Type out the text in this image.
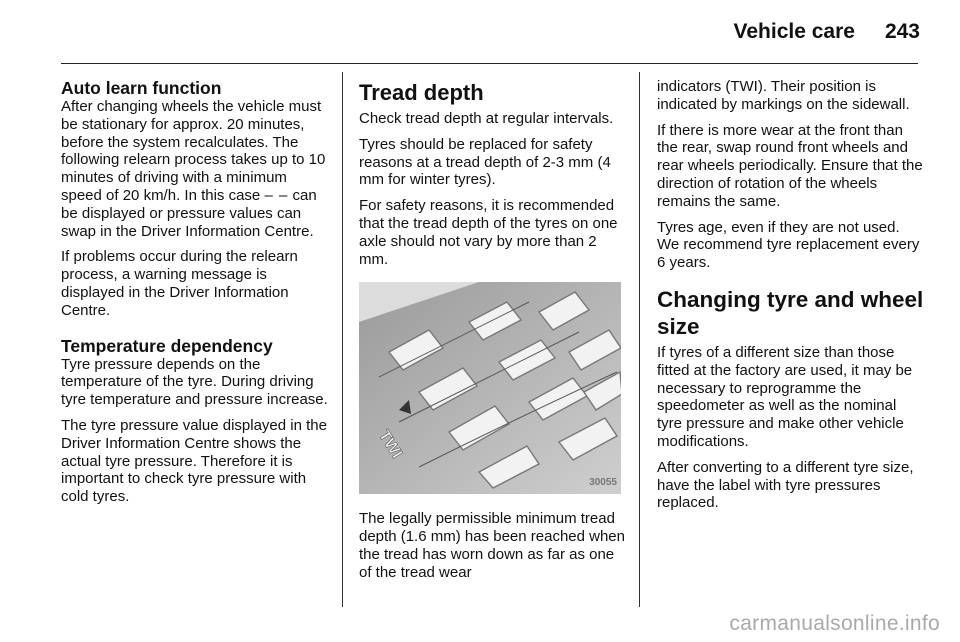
Vehicle care 243
Auto learn function

After changing wheels the vehicle must be stationary for approx. 20 minutes, before the system recalculates. The following relearn process takes up to 10 minutes of driving with a minimum speed of 20 km/h. In this case – – can be displayed or pressure values can swap in the Driver Information Centre.

If problems occur during the relearn process, a warning message is displayed in the Driver Information Centre.

Temperature dependency

Tyre pressure depends on the temperature of the tyre. During driving tyre temperature and pressure increase.

The tyre pressure value displayed in the Driver Information Centre shows the actual tyre pressure. Therefore it is important to check tyre pressure with cold tyres.

Tread depth

Check tread depth at regular intervals.

Tyres should be replaced for safety reasons at a tread depth of 2-3 mm (4 mm for winter tyres).

For safety reasons, it is recommended that the tread depth of the tyres on one axle should not vary by more than 2 mm.

TWI
30055

The legally permissible minimum tread depth (1.6 mm) has been reached when the tread has worn down as far as one of the tread wear

indicators (TWI). Their position is indicated by markings on the sidewall.

If there is more wear at the front than the rear, swap round front wheels and rear wheels periodically. Ensure that the direction of rotation of the wheels remains the same.

Tyres age, even if they are not used. We recommend tyre replacement every 6 years.

Changing tyre and wheel size

If tyres of a different size than those fitted at the factory are used, it may be necessary to reprogramme the speedometer as well as the nominal tyre pressure and make other vehicle modifications.

After converting to a different tyre size, have the label with tyre pressures replaced.

carmanualsonline.info
